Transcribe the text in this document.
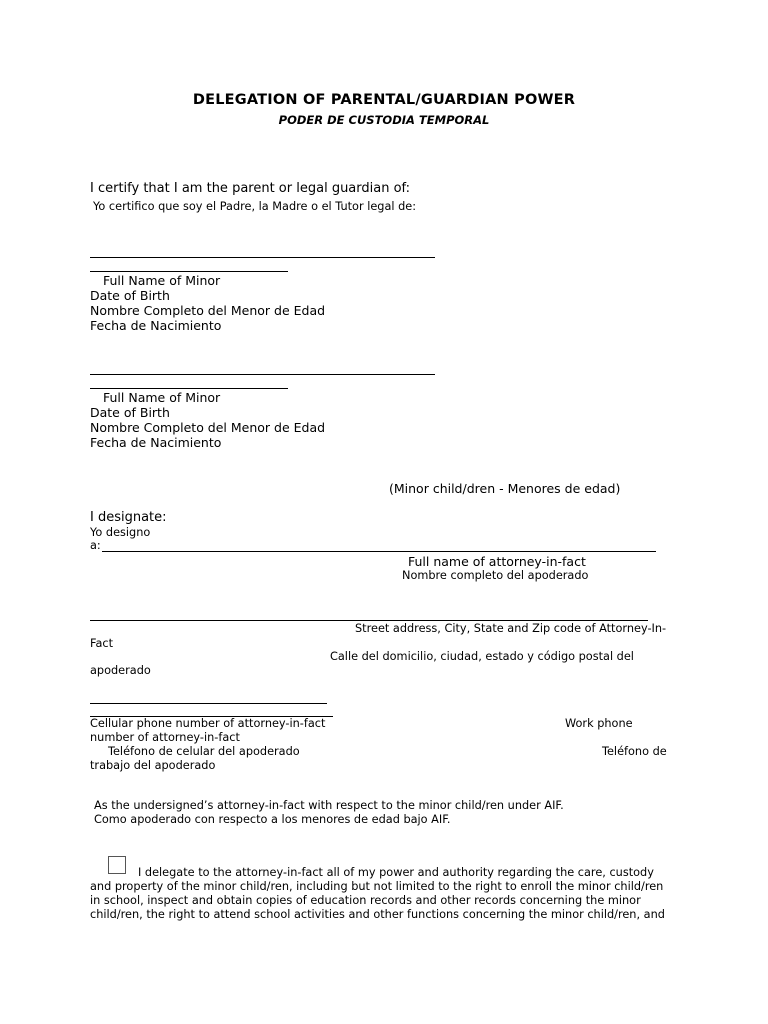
DELEGATION OF PARENTAL/GUARDIAN POWER
PODER DE CUSTODIA TEMPORAL
I certify that I am the parent or legal guardian of:
Yo certifico que soy el Padre, la Madre o el Tutor legal de:
Full Name of Minor
Date of Birth
Nombre Completo del Menor de Edad
Fecha de Nacimiento
Full Name of Minor
Date of Birth
Nombre Completo del Menor de Edad
Fecha de Nacimiento
(Minor child/dren - Menores de edad)
I designate:
Yo designo
a:
Full name of attorney-in-fact
Nombre completo del apoderado
Street address, City, State and Zip code of Attorney-In-
Fact
Calle del domicilio, ciudad, estado y código postal del
apoderado
Cellular phone number of attorney-in-fact	Work phone
number of attorney-in-fact
Teléfono de celular del apoderado	Teléfono de
trabajo del apoderado
As the undersigned’s attorney-in-fact with respect to the minor child/ren under AIF.
Como apoderado con respecto a los menores de edad bajo AIF.
I delegate to the attorney-in-fact all of my power and authority regarding the care, custody
and property of the minor child/ren, including but not limited to the right to enroll the minor child/ren
in school, inspect and obtain copies of education records and other records concerning the minor
child/ren, the right to attend school activities and other functions concerning the minor child/ren, and
